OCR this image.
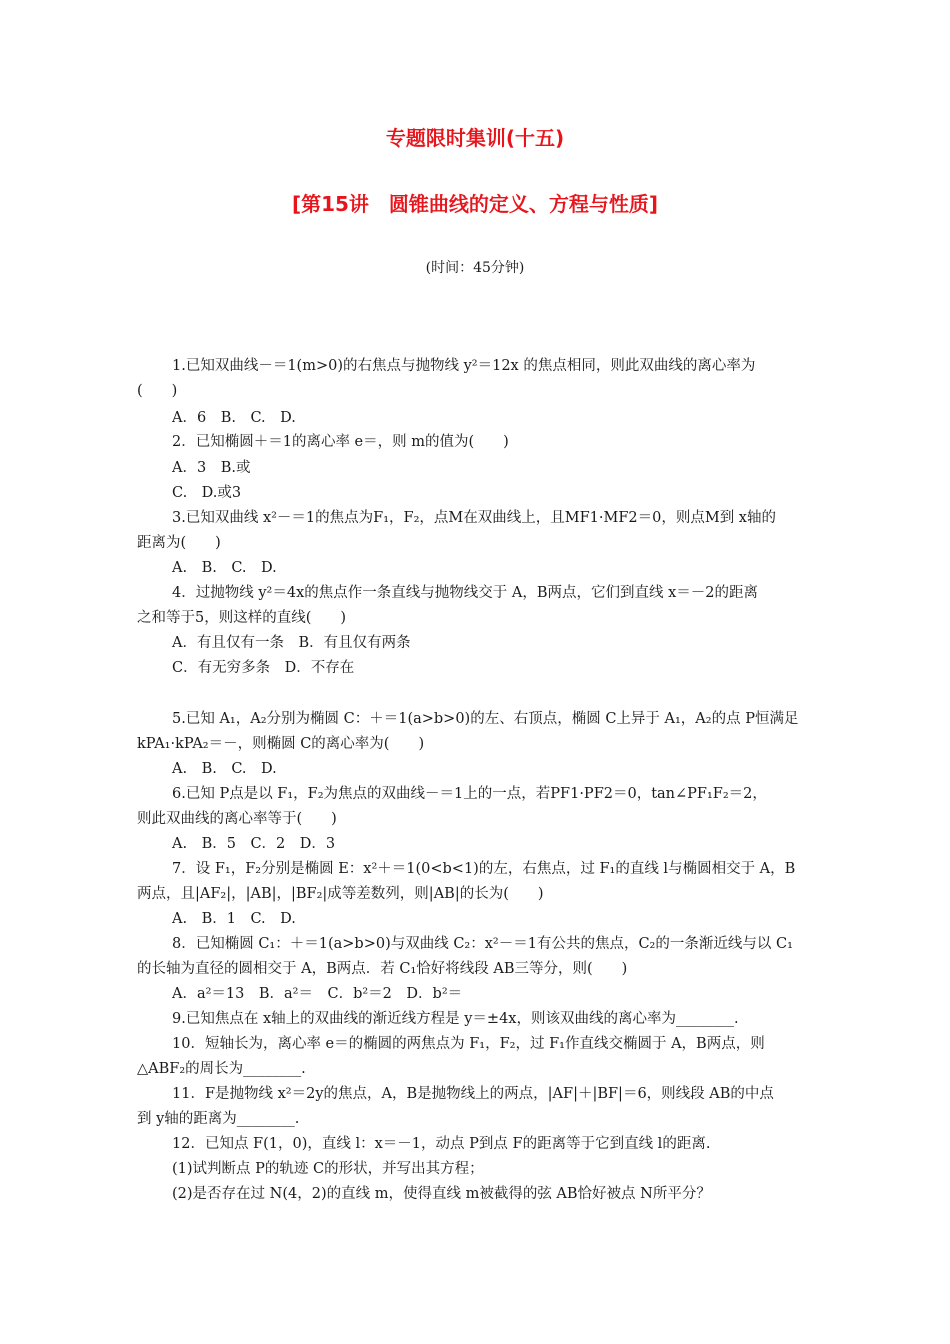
专题限时集训(十五)
[第15讲　圆锥曲线的定义、方程与性质]
(时间：45分钟)
1.已知双曲线－＝1(m>0)的右焦点与抛物线 y²＝12x 的焦点相同，则此双曲线的离心率为
(　　)
A．6　B.　C.　D.
2．已知椭圆＋＝1的离心率 e＝，则 m的值为(　　)
A．3　B.或
C.　D.或3
3.已知双曲线 x²－＝1的焦点为F₁，F₂，点M在双曲线上，且MF1·MF2＝0，则点M到 x轴的
距离为(　　)
A.　B.　C.　D.
4．过抛物线 y²＝4x的焦点作一条直线与抛物线交于 A，B两点，它们到直线 x＝－2的距离
之和等于5，则这样的直线(　　)
A．有且仅有一条　B．有且仅有两条
C．有无穷多条　D．不存在
5.已知 A₁，A₂分别为椭圆 C：＋＝1(a>b>0)的左、右顶点，椭圆 C上异于 A₁，A₂的点 P恒满足
kPA₁·kPA₂＝－，则椭圆 C的离心率为(　　)
A.　B.　C.　D.
6.已知 P点是以 F₁，F₂为焦点的双曲线－＝1上的一点，若PF1·PF2＝0，tan∠PF₁F₂＝2，
则此双曲线的离心率等于(　　)
A.　B．5　C．2　D．3
7．设 F₁，F₂分别是椭圆 E：x²＋＝1(0<b<1)的左，右焦点，过 F₁的直线 l与椭圆相交于 A，B
两点，且|AF₂|，|AB|，|BF₂|成等差数列，则|AB|的长为(　　)
A.　B．1　C.　D.
8．已知椭圆 C₁：＋＝1(a>b>0)与双曲线 C₂：x²－＝1有公共的焦点，C₂的一条渐近线与以 C₁
的长轴为直径的圆相交于 A，B两点．若 C₁恰好将线段 AB三等分，则(　　)
A．a²＝13　B．a²＝　C．b²＝2　D．b²＝
9.已知焦点在 x轴上的双曲线的渐近线方程是 y＝±4x，则该双曲线的离心率为________.
10．短轴长为，离心率 e＝的椭圆的两焦点为 F₁，F₂，过 F₁作直线交椭圆于 A，B两点，则
△ABF₂的周长为________.
11．F是抛物线 x²＝2y的焦点，A，B是抛物线上的两点，|AF|＋|BF|＝6，则线段 AB的中点
到 y轴的距离为________.
12．已知点 F(1，0)，直线 l：x＝－1，动点 P到点 F的距离等于它到直线 l的距离.
(1)试判断点 P的轨迹 C的形状，并写出其方程；
(2)是否存在过 N(4，2)的直线 m，使得直线 m被截得的弦 AB恰好被点 N所平分？
